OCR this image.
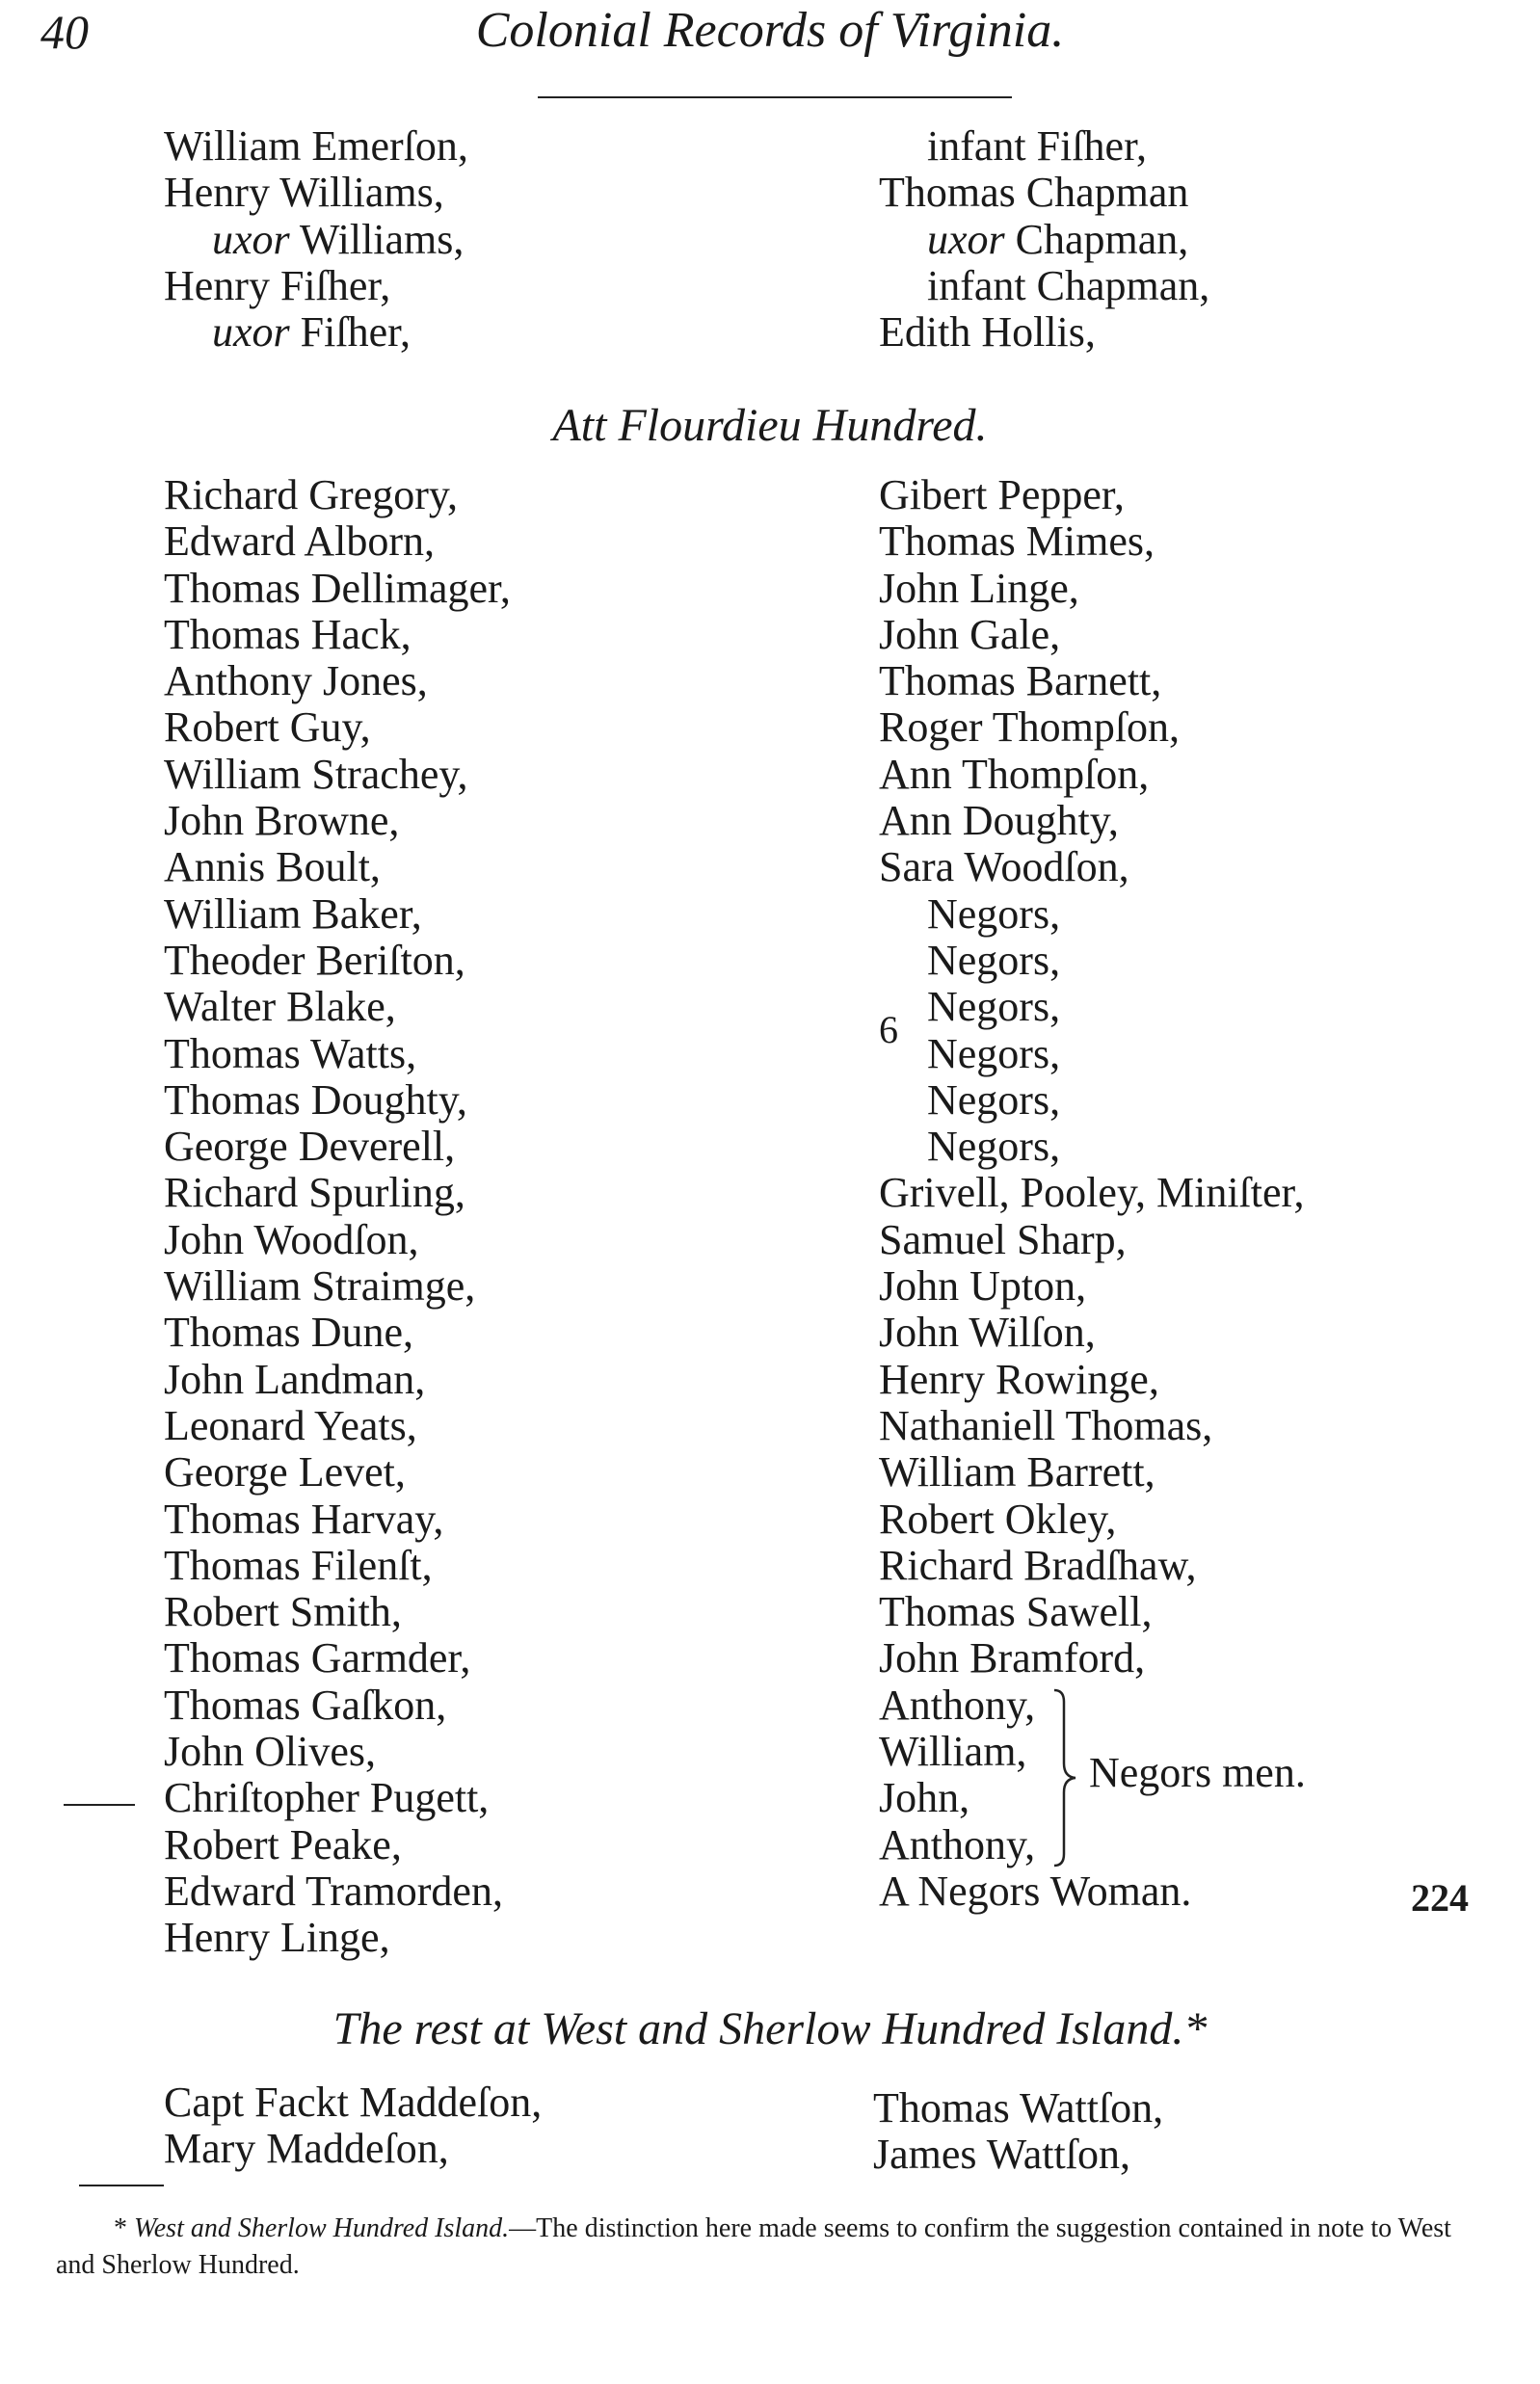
40	Colonial Records of Virginia.
William Emerſon,
Henry Williams,
uxor Williams,
Henry Fiſher,
uxor Fiſher,
infant Fiſher,
Thomas Chapman
uxor Chapman,
infant Chapman,
Edith Hollis,
Att Flourdieu Hundred.
Richard Gregory,
Edward Alborn,
Thomas Dellimager,
Thomas Hack,
Anthony Jones,
Robert Guy,
William Strachey,
John Browne,
Annis Boult,
William Baker,
Theoder Beriſton,
Walter Blake,
Thomas Watts,
Thomas Doughty,
George Deverell,
Richard Spurling,
John Woodſon,
William Straimge,
Thomas Dune,
John Landman,
Leonard Yeats,
George Levet,
Thomas Harvay,
Thomas Filenſt,
Robert Smith,
Thomas Garmder,
Thomas Gaſkon,
John Olives,
Chriſtopher Pugett,
Robert Peake,
Edward Tramorden,
Henry Linge,
Gibert Pepper,
Thomas Mimes,
John Linge,
John Gale,
Thomas Barnett,
Roger Thompſon,
Ann Thompſon,
Ann Doughty,
Sara Woodſon,
6
Negors,
Negors,
Negors,
Negors,
Negors,
Negors,
Grivell, Pooley, Miniſter,
Samuel Sharp,
John Upton,
John Wilſon,
Henry Rowinge,
Nathaniell Thomas,
William Barrett,
Robert Okley,
Richard Bradſhaw,
Thomas Sawell,
John Bramford,
Anthony,
William,
John,
Anthony,
Negors men.
A Negors Woman.	224
The rest at West and Sherlow Hundred Island.*
Capt Fackt Maddeſon,
Mary Maddeſon,
Thomas Wattſon,
James Wattſon,
* West and Sherlow Hundred Island.—The distinction here made seems to confirm the suggestion contained in note to West and Sherlow Hundred.
